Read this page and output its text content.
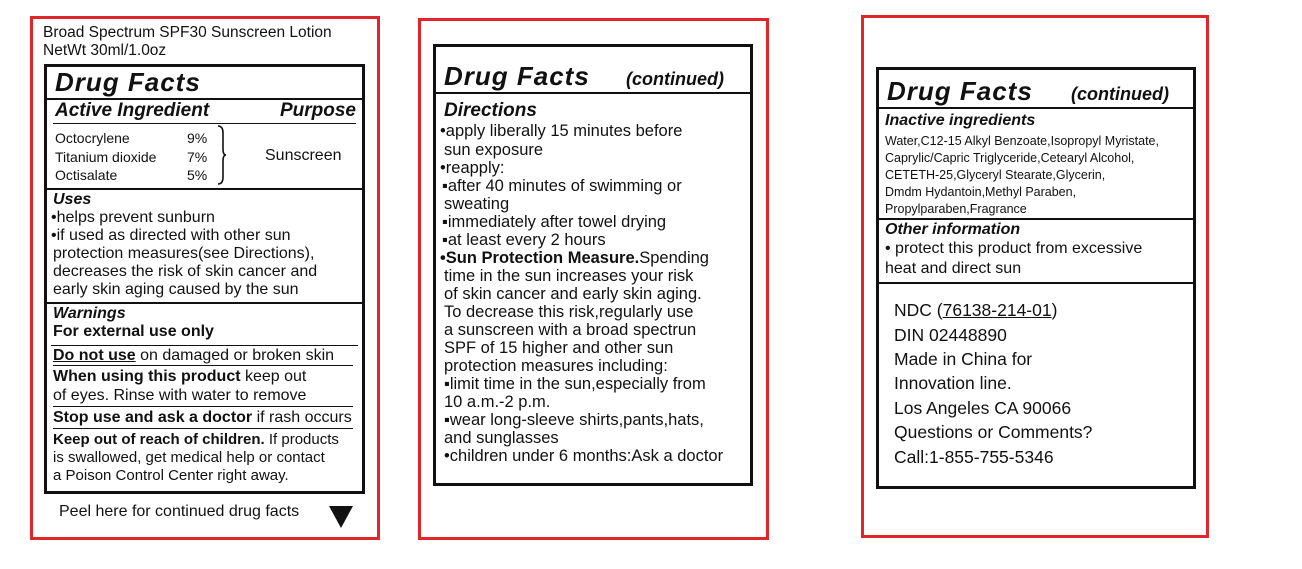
Broad Spectrum SPF30 Sunscreen Lotion
NetWt 30ml/1.0oz
Drug Facts
Active Ingredient	Purpose
Octocrylene	9%
Titanium dioxide 7%
Octisalate	5%
Sunscreen
Uses
•helps prevent sunburn
•if used as directed with other sun
protection measures(see Directions),
decreases the risk of skin cancer and
early skin aging caused by the sun
Warnings
For external use only
Do not use on damaged or broken skin
When using this product keep out
of eyes. Rinse with water to remove
Stop use and ask a doctor if rash occurs
Keep out of reach of children. If products
is swallowed, get medical help or contact
a Poison Control Center right away.
Peel here for continued drug facts
Drug Facts (continued)
Directions
•apply liberally 15 minutes before
sun exposure
•reapply:
▪after 40 minutes of swimming or
sweating
▪immediately after towel drying
▪at least every 2 hours
•Sun Protection Measure.Spending
time in the sun increases your risk
of skin cancer and early skin aging.
To decrease this risk,regularly use
a sunscreen with a broad spectrun
SPF of 15 higher and other sun
protection measures including:
▪limit time in the sun,especially from
10 a.m.-2 p.m.
▪wear long-sleeve shirts,pants,hats,
and sunglasses
•children under 6 months:Ask a doctor
Drug Facts (continued)
Inactive ingredients
Water,C12-15 Alkyl Benzoate,Isopropyl Myristate,
Caprylic/Capric Triglyceride,Cetearyl Alcohol,
CETETH-25,Glyceryl Stearate,Glycerin,
Dmdm Hydantoin,Methyl Paraben,
Propylparaben,Fragrance
Other information
• protect this product from excessive
heat and direct sun
NDC (76138-214-01)
DIN 02448890
Made in China for
Innovation line.
Los Angeles CA 90066
Questions or Comments?
Call:1-855-755-5346
